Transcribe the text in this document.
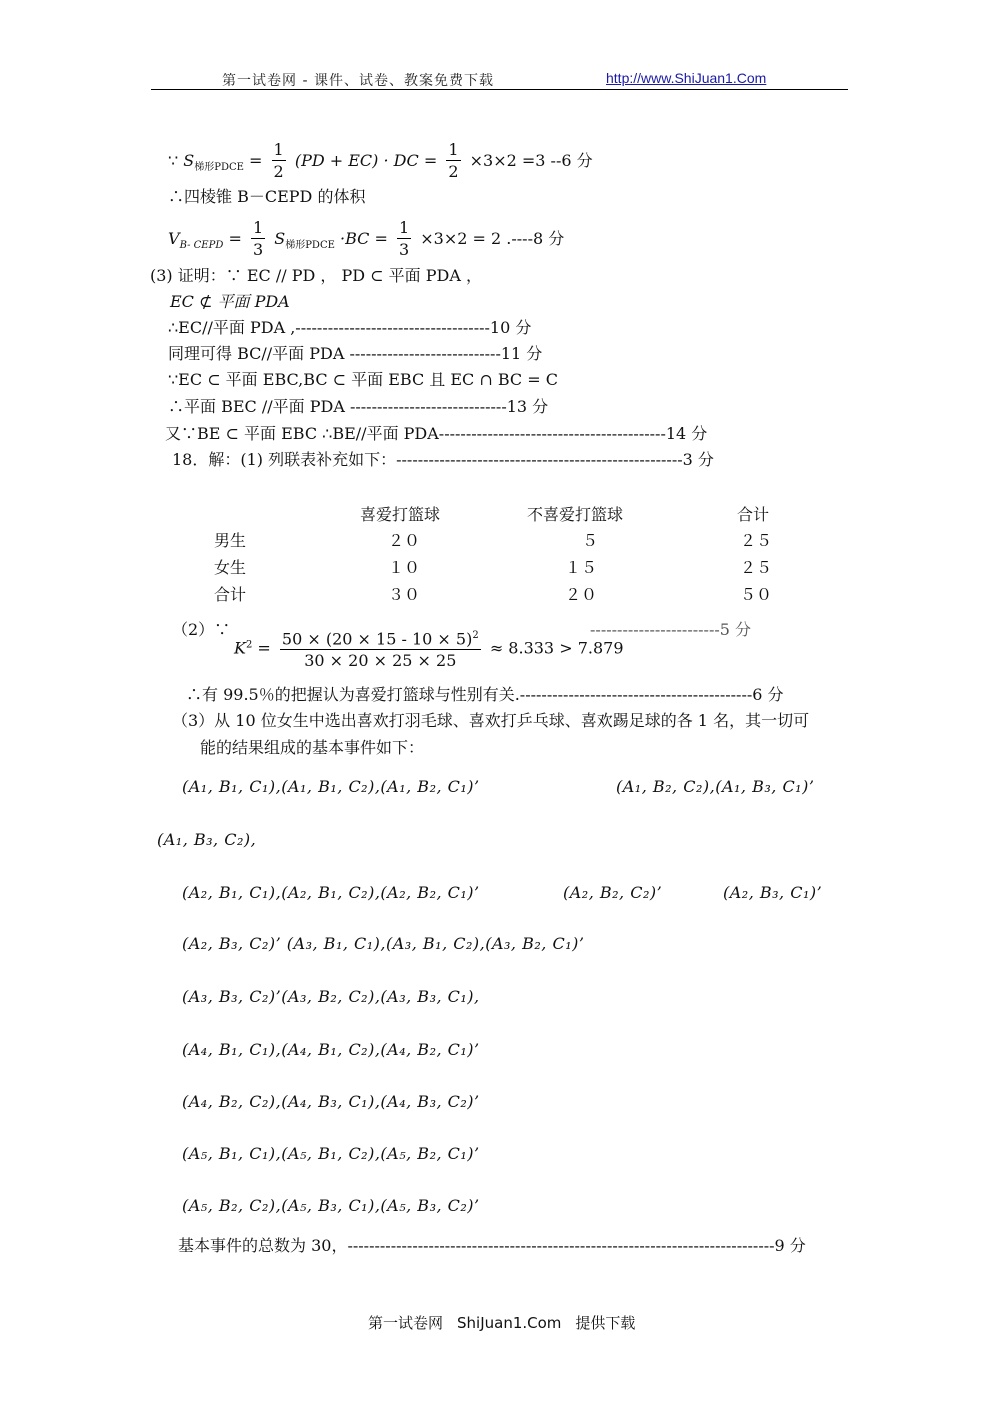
第一试卷网 - 课件、试卷、教案免费下载	http://www.ShiJuan1.Com
∵ $S_{梯形PDCE} = \frac{1}{2} (PD + EC)$ · DC = $\frac{1}{2} \times 3\times 2 =3$ --6 分
∴四棱锥 B－CEPD 的体积
$V_{B- CEPD} = \frac{1}{3} S_{梯形PDCE} \cdot BC = \frac{1}{3} \times 3\times 2 = 2$ .----8 分
(3) 证明：∵ EC // PD ， PD ⊂ 平面 PDA ，
EC ⊄ 平面 PDA
∴EC//平面 PDA ,------------------------------------10 分
同理可得 BC//平面 PDA ----------------------------11 分
∵EC ⊂ 平面 EBC,BC ⊂ 平面 EBC 且 EC ∩ BC = C
∴平面 BEC //平面 PDA -----------------------------13 分
又∵BE ⊂ 平面 EBC ∴BE//平面 PDA------------------------------------------14 分
18．解：(1) 列联表补充如下：-----------------------------------------------------3 分
喜爱打篮球	不喜爱打篮球	合计
男生	２０	５	２５
女生	１０	１５	２５
合计	３０	２０	５０
（2）∵
$K^2 = \frac{50 \times (20 \times 15 - 10 \times 5)^2}{30 \times 20 \times 25 \times 25} \approx 8.333 > 7.879$
------------------------5 分
∴有 99.5％的把握认为喜爱打篮球与性别有关.-------------------------------------------6 分
（3）从 10 位女生中选出喜欢打羽毛球、喜欢打乒乓球、喜欢踢足球的各 1 名，其一切可
能的结果组成的基本事件如下：
(A₁, B₁, C₁),(A₁, B₁, C₂),(A₁, B₂, C₁)’	(A₁, B₂, C₂),(A₁, B₃, C₁)’
(A₁, B₃, C₂),
(A₂, B₁, C₁),(A₂, B₁, C₂),(A₂, B₂, C₁)’	(A₂, B₂, C₂)’	(A₂, B₃, C₁)’
(A₂, B₃, C₂)’ (A₃, B₁, C₁),(A₃, B₁, C₂),(A₃, B₂, C₁)’
(A₃, B₃, C₂)’(A₃, B₂, C₂),(A₃, B₃, C₁),
(A₄, B₁, C₁),(A₄, B₁, C₂),(A₄, B₂, C₁)’
(A₄, B₂, C₂),(A₄, B₃, C₁),(A₄, B₃, C₂)’
(A₅, B₁, C₁),(A₅, B₁, C₂),(A₅, B₂, C₁)’
(A₅, B₂, C₂),(A₅, B₃, C₁),(A₅, B₃, C₂)’
基本事件的总数为 30，-------------------------------------------------------------------------------9 分
第一试卷网 ShiJuan1.Com 提供下载
